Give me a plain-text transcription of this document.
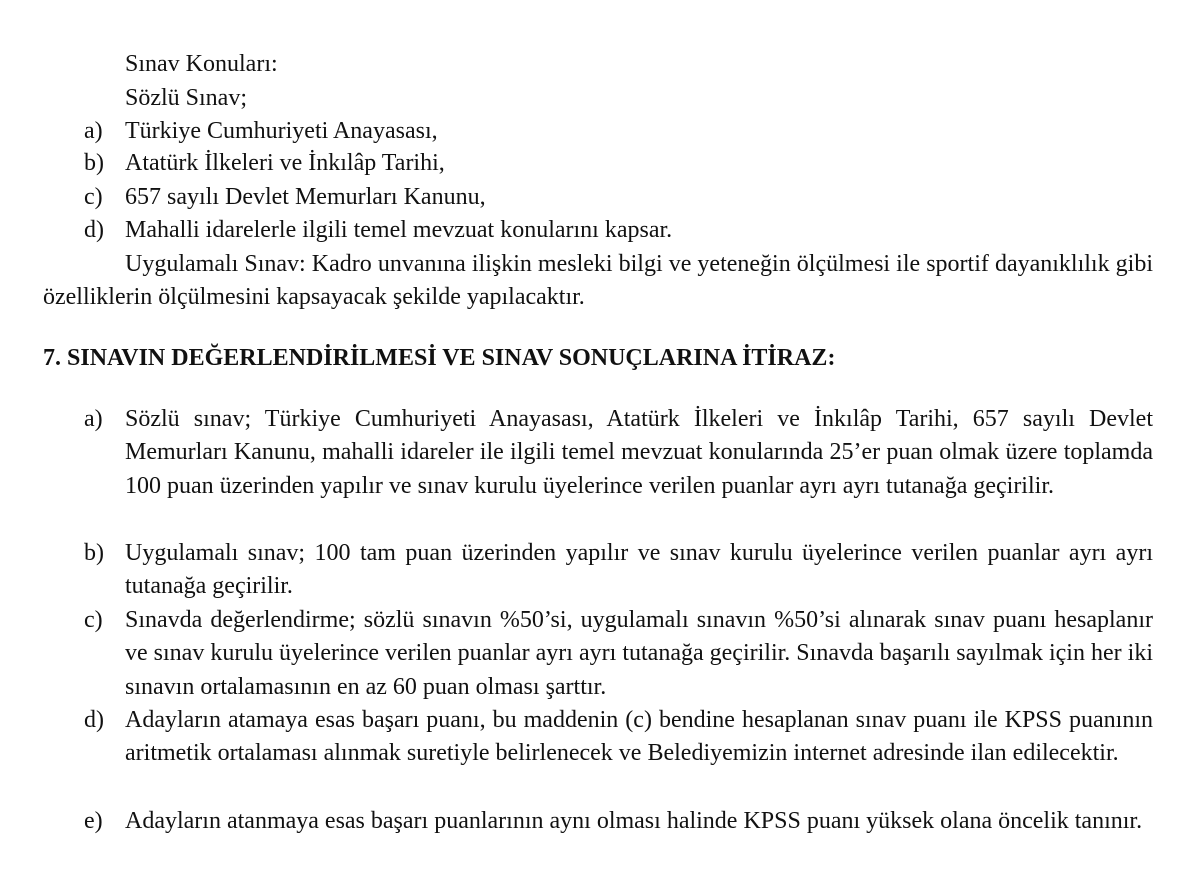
Sınav Konuları:
Sözlü Sınav;
a) Türkiye Cumhuriyeti Anayasası,
b) Atatürk İlkeleri ve İnkılâp Tarihi,
c) 657 sayılı Devlet Memurları Kanunu,
d) Mahalli idarelerle ilgili temel mevzuat konularını kapsar.
Uygulamalı Sınav: Kadro unvanına ilişkin mesleki bilgi ve yeteneğin ölçülmesi ile sportif dayanıklılık gibi özelliklerin ölçülmesini kapsayacak şekilde yapılacaktır.
7. SINAVIN DEĞERLENDİRİLMESİ VE SINAV SONUÇLARINA İTİRAZ:
a) Sözlü sınav; Türkiye Cumhuriyeti Anayasası, Atatürk İlkeleri ve İnkılâp Tarihi, 657 sayılı Devlet Memurları Kanunu, mahalli idareler ile ilgili temel mevzuat konularında 25’er puan olmak üzere toplamda 100 puan üzerinden yapılır ve sınav kurulu üyelerince verilen puanlar ayrı ayrı tutanağa geçirilir.
b) Uygulamalı sınav; 100 tam puan üzerinden yapılır ve sınav kurulu üyelerince verilen puanlar ayrı ayrı tutanağa geçirilir.
c) Sınavda değerlendirme; sözlü sınavın %50’si, uygulamalı sınavın %50’si alınarak sınav puanı hesaplanır ve sınav kurulu üyelerince verilen puanlar ayrı ayrı tutanağa geçirilir. Sınavda başarılı sayılmak için her iki sınavın ortalamasının en az 60 puan olması şarttır.
d) Adayların atamaya esas başarı puanı, bu maddenin (c) bendine hesaplanan sınav puanı ile KPSS puanının aritmetik ortalaması alınmak suretiyle belirlenecek ve Belediyemizin internet adresinde ilan edilecektir.
e) Adayların atanmaya esas başarı puanlarının aynı olması halinde KPSS puanı yüksek olana öncelik tanınır.
